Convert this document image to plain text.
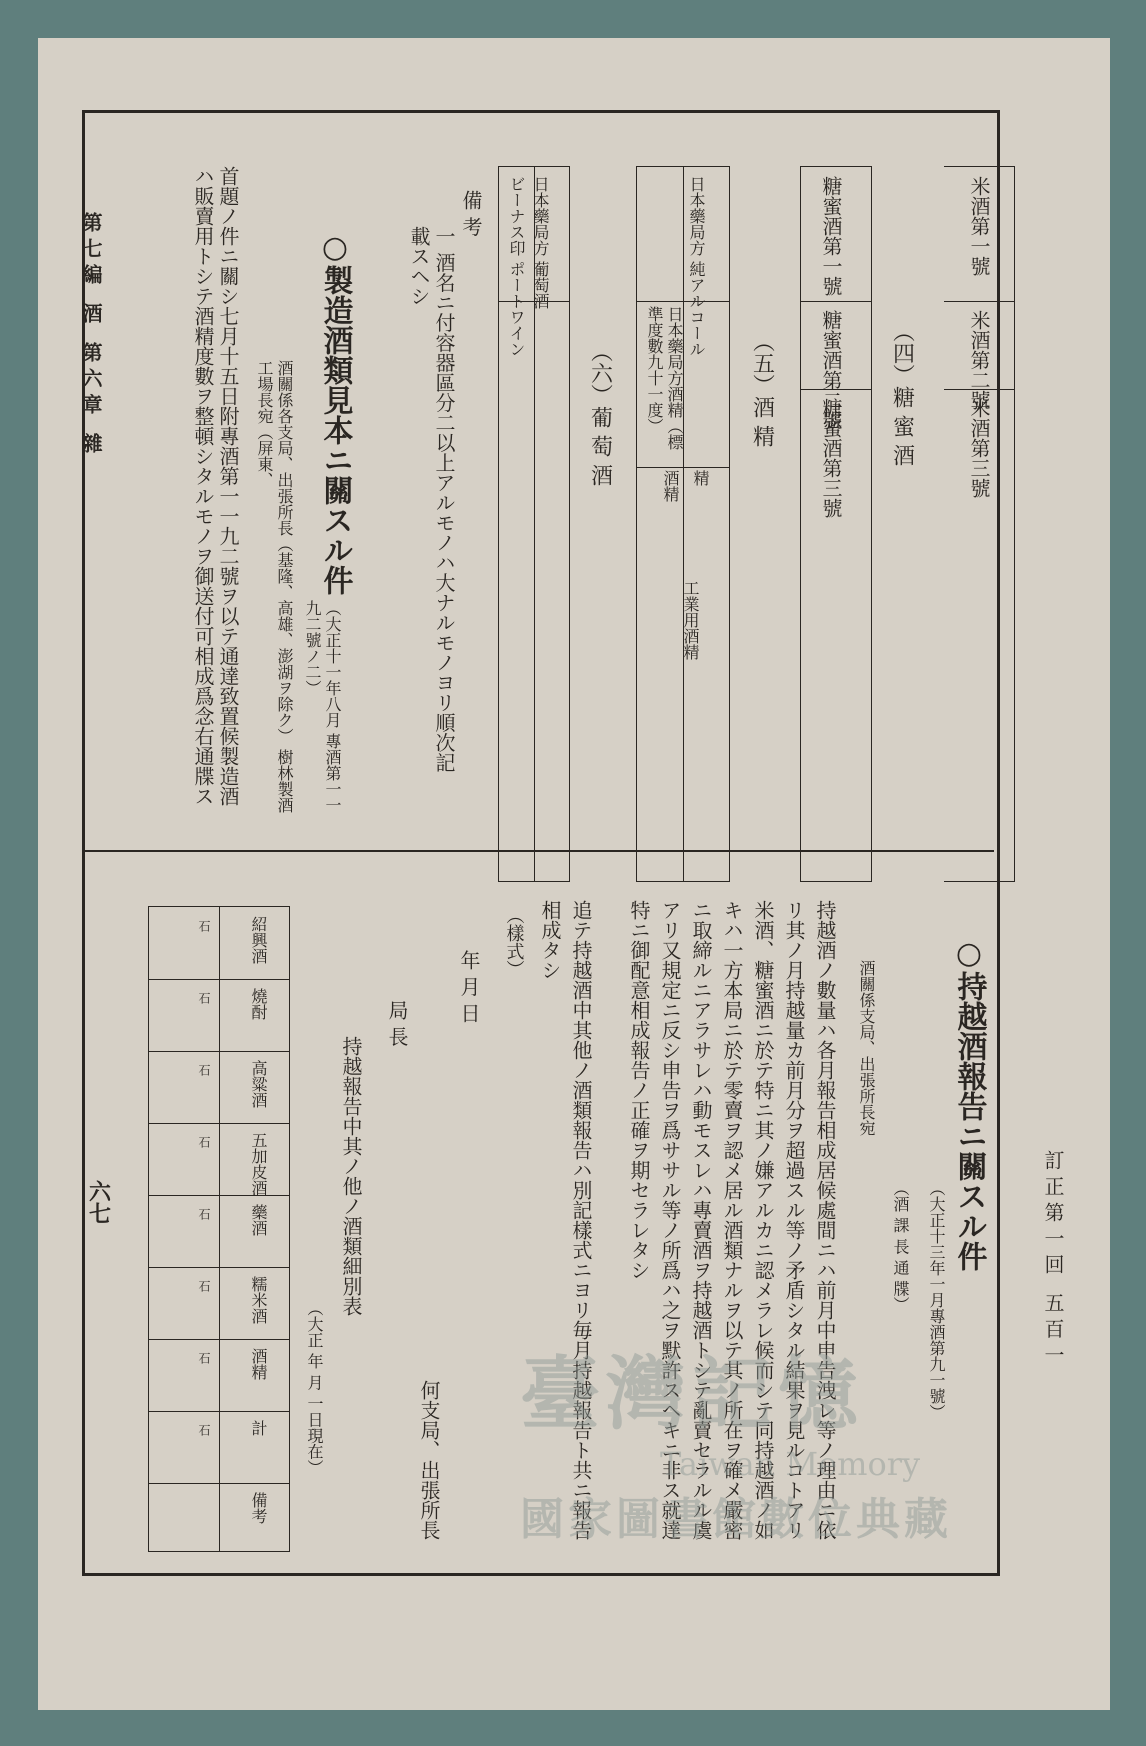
第七編 酒 第六章 雜
六七	訂正第一回 五百一
米酒第一號
米酒第二號
米酒第三號
（四）糖 蜜 酒
糖蜜酒第一號
糖蜜酒第二號
糖蜜酒第三號
（五）酒 精
日本藥局方 純アルコール
日本藥局方酒精（標準度數九十一度）
酒精 精
工業用酒精
（六）葡 萄 酒
日本藥局方 葡萄酒
ビーナス印 ポートワイン
備 考
一 酒名ニ付容器區分二以上アルモノハ大ナルモノヨリ順次記載スヘシ
○製造酒類見本ニ關スル件
（大正十一年八月 專酒第一一九二號ノ二）
酒關係各支局、出張所長（基隆、高雄、澎湖ヲ除ク） 樹林製酒工場長宛（屏東、
首題ノ件ニ關シ七月十五日附專酒第一一九二號ヲ以テ通達致置候製造酒ハ販賣用トシテ酒精度數ヲ整頓シタルモノヲ御送付可相成爲念右通牒ス
○持越酒報告ニ關スル件
（大正十三年一月專酒第九一號）
（酒 課 長 通 牒）
酒關係支局、出張所長宛
持越酒ノ數量ハ各月報告相成居候處間ニハ前月中申告洩レ等ノ理由ニ依リ其ノ月持越量カ前月分ヲ超過スル等ノ矛盾シタル結果ヲ見ルコトアリ米酒、糖蜜酒ニ於テ特ニ其ノ嫌アルカニ認メラレ候而シテ同持越酒ノ如キハ一方本局ニ於テ零賣ヲ認メ居ル酒類ナルヲ以テ其ノ所在ヲ確メ嚴密ニ取締ルニアラサレハ動モスレハ專賣酒ヲ持越酒トシテ亂賣セラルル虞アリ又規定ニ反シ申告ヲ爲ササル等ノ所爲ハ之ヲ默許スヘキニ非ス就達特ニ御配意相成報告ノ正確ヲ期セラレタシ
追テ持越酒中其他ノ酒類報告ハ別記樣式ニヨリ毎月持越報告ト共ニ報告相成タシ
（樣式）
年 月 日
何支局、出張所長
局 長
持越報告中其ノ他ノ酒類細別表
（大正 年 月 一日現在）
紹興酒
燒酎
高粱酒
五加皮酒
藥酒
糯米酒
酒精
計
備考
石
石
石
石
石
石
石
石	臺灣記憶
Taiwan Memory
國家圖書館數位典藏
